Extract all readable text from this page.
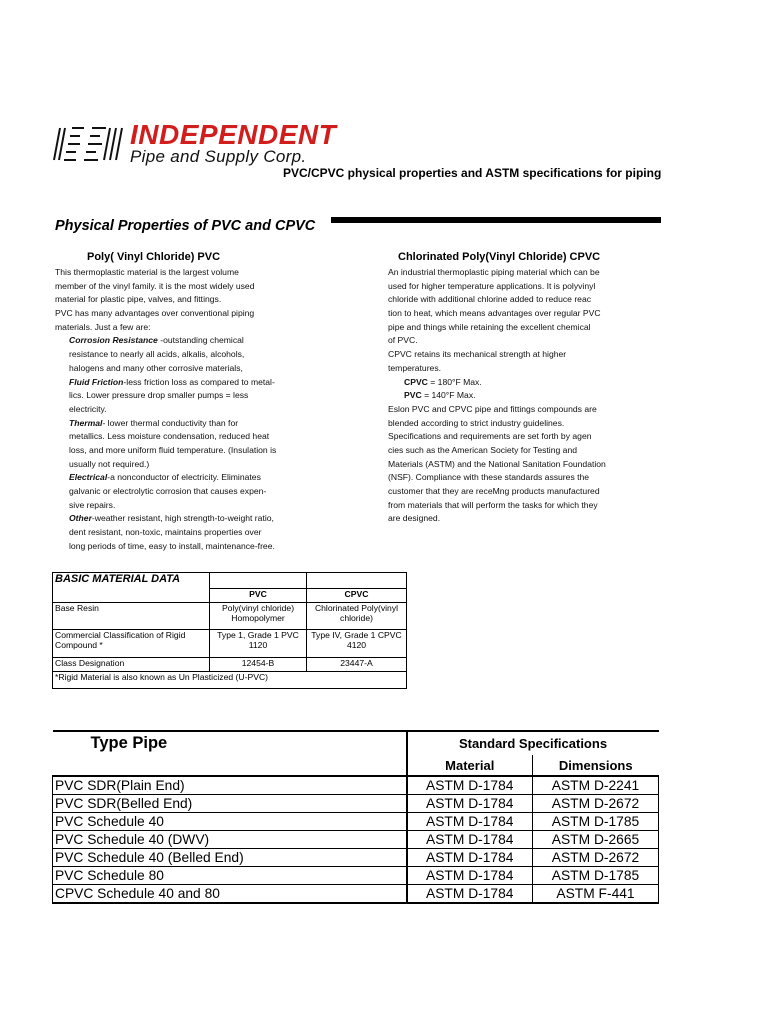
I&S INDEPENDENT
Pipe and Supply Corp.
PVC/CPVC physical properties and ASTM specifications for piping
Physical Properties of PVC and CPVC
Poly( Vinyl Chloride) PVC
This thermoplastic material is the largest volume
member of the vinyl family. it is the most widely used
material for plastic pipe, valves, and fittings.
PVC has many advantages over conventional piping
materials. Just a few are:
Corrosion Resistance -outstanding chemical
resistance to nearly all acids, alkalis, alcohols,
halogens and many other corrosive materials,
Fluid Friction-less friction loss as compared to metal-
lics. Lower pressure drop smaller pumps = less
electricity.
Thermal- lower thermal conductivity than for
metallics. Less moisture condensation, reduced heat
loss, and more uniform fluid temperature. (Insulation is
usually not required.)
Electrical-a nonconductor of electricity. Eliminates
galvanic or electrolytic corrosion that causes expen-
sive repairs.
Other-weather resistant, high strength-to-weight ratio,
dent resistant, non-toxic, maintains properties over
long periods of time, easy to install, maintenance-free.
Chlorinated Poly(Vinyl Chloride) CPVC
An industrial thermoplastic piping material which can be
used for higher temperature applications. It is polyvinyl
chloride with additional chlorine added to reduce reac
tion to heat, which means advantages over regular PVC
pipe and things while retaining the excellent chemical
of PVC.
CPVC retains its mechanical strength at higher
temperatures.
CPVC = 180°F Max.
PVC = 140°F Max.
Eslon PVC and CPVC pipe and fittings compounds are
blended according to strict industry guidelines.
Specifications and requirements are set forth by agen
cies such as the American Society for Testing and
Materials (ASTM) and the National Sanitation Foundation
(NSF). Compliance with these standards assures the
customer that they are receMng products manufactured
from materials that will perform the tasks for which they
are designed.
BASIC MATERIAL DATA		
	PVC	CPVC
Base Resin	Poly(vinyl chloride) Homopolymer	Chlorinated Poly(vinyl chloride)
Commercial Classification of Rigid Compound *	Type 1, Grade 1 PVC 1120	Type IV, Grade 1 CPVC 4120
Class Designation	12454-B	23447-A
*Rigid Material is also known as Un Plasticized (U-PVC)		
Type Pipe	Standard Specifications	
	Material	Dimensions
PVC SDR(Plain End)	ASTM D-1784	ASTM D-2241
PVC SDR(Belled End)	ASTM D-1784	ASTM D-2672
PVC Schedule 40	ASTM D-1784	ASTM D-1785
PVC Schedule 40 (DWV)	ASTM D-1784	ASTM D-2665
PVC Schedule 40 (Belled End)	ASTM D-1784	ASTM D-2672
PVC Schedule 80	ASTM D-1784	ASTM D-1785
CPVC Schedule 40 and 80	ASTM D-1784	ASTM F-441
